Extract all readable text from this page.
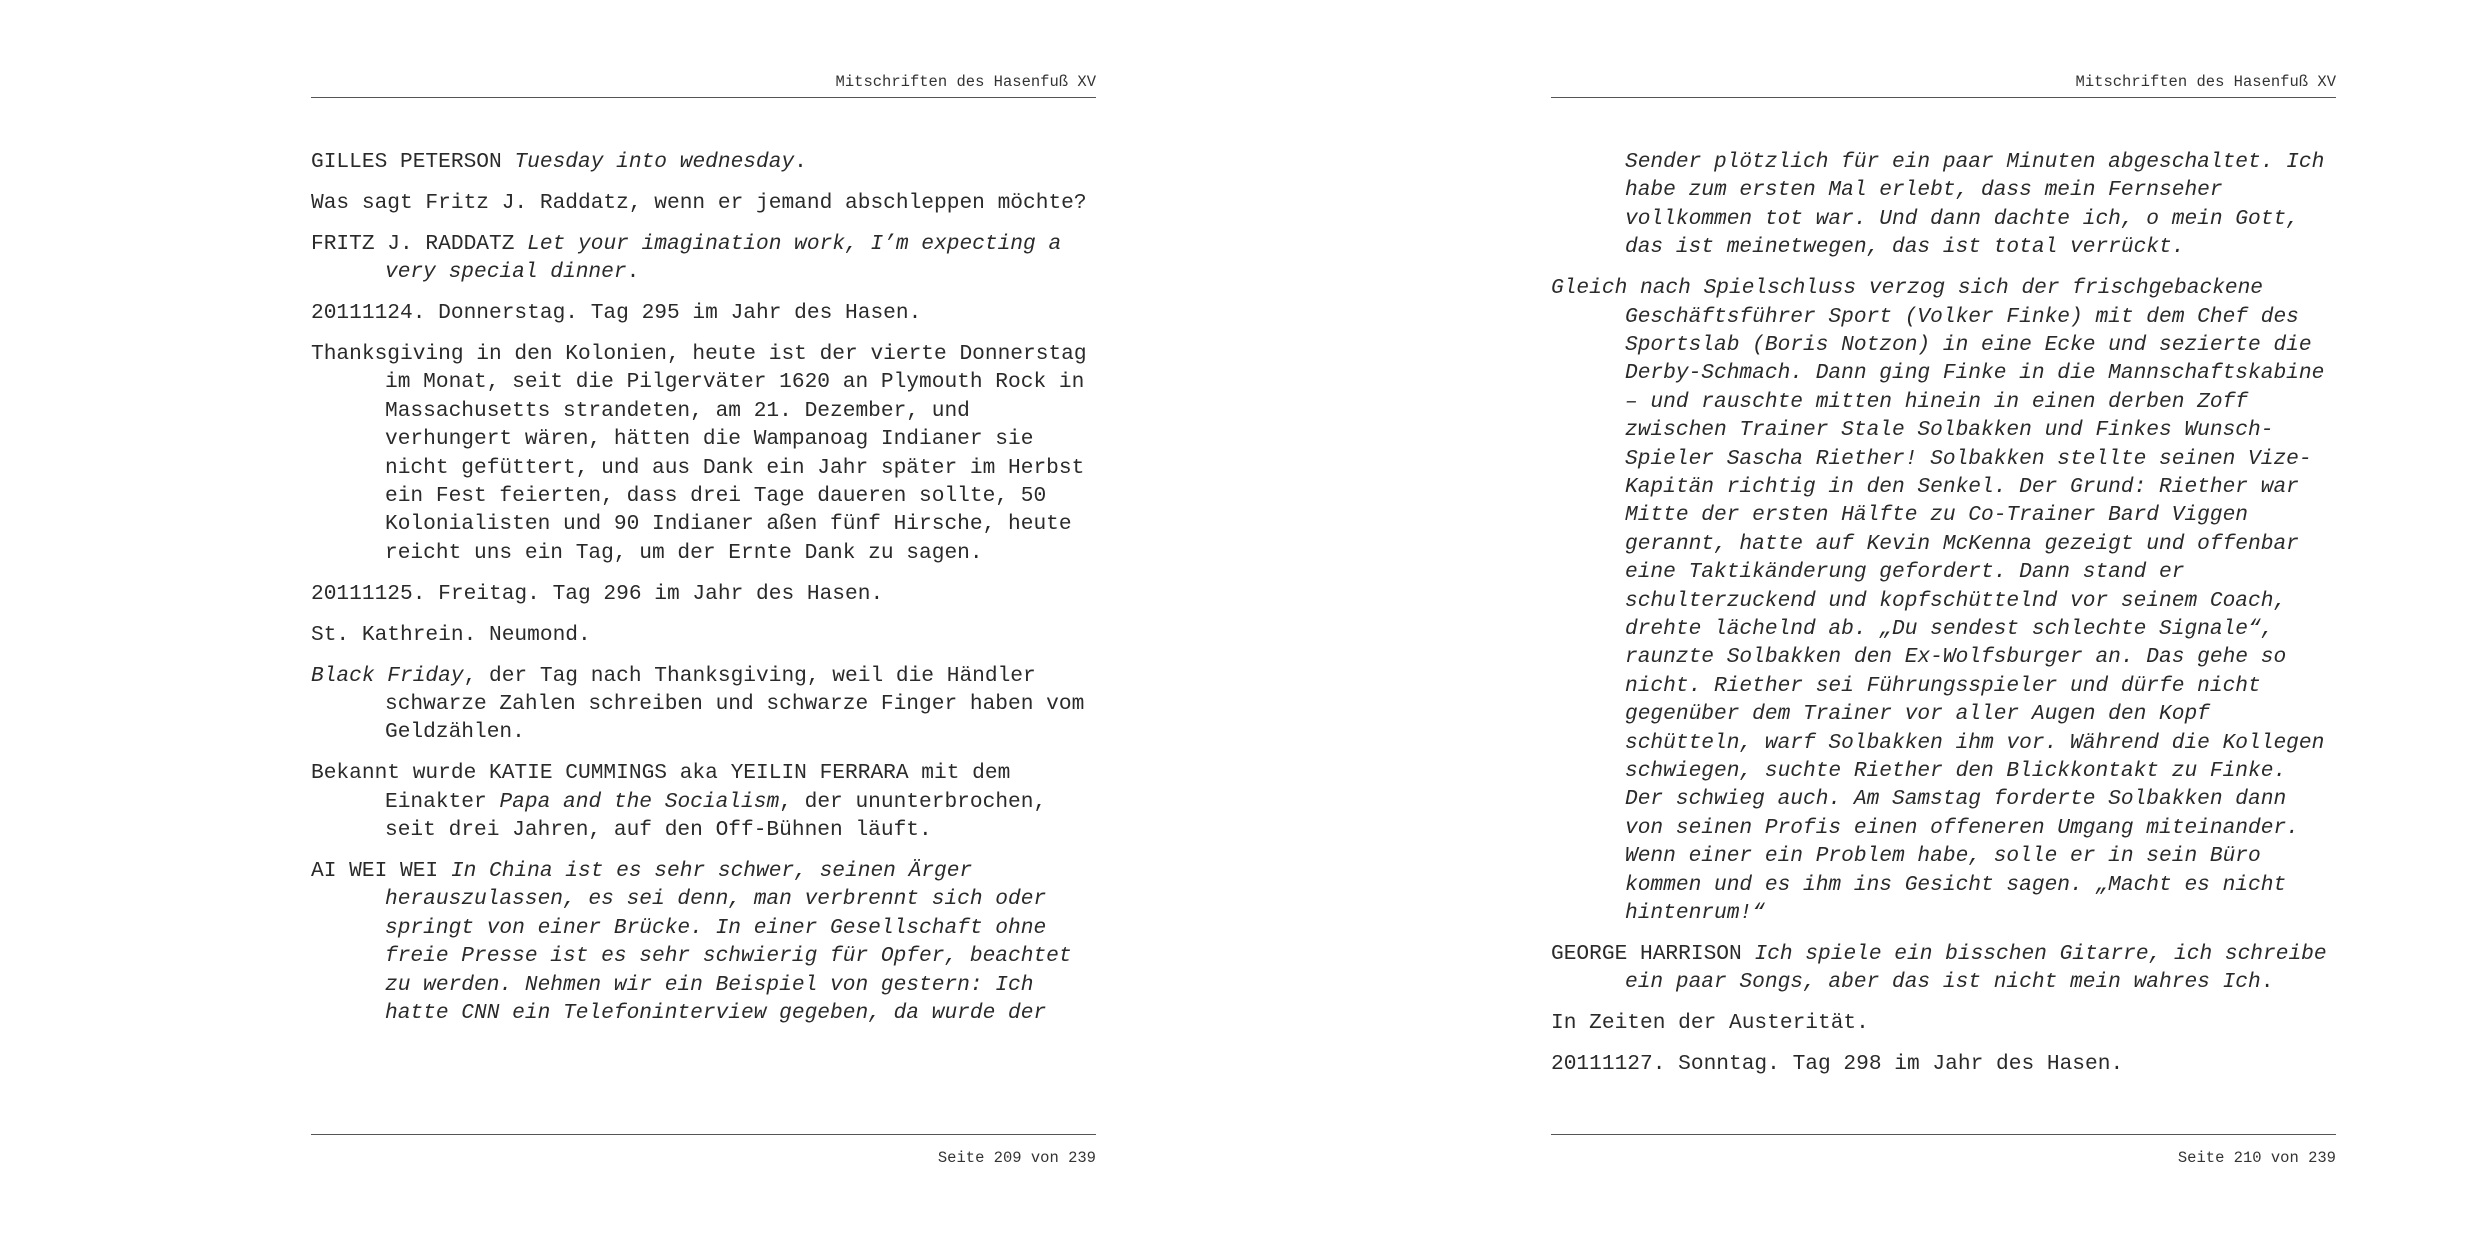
Mitschriften des Hasenfuß XV

GILLES PETERSON Tuesday into wednesday.

Was sagt Fritz J. Raddatz, wenn er jemand abschleppen möchte?

FRITZ J. RADDATZ Let your imagination work, I’m expecting a very special dinner.

20111124. Donnerstag. Tag 295 im Jahr des Hasen.

Thanksgiving in den Kolonien, heute ist der vierte Donnerstag im Monat, seit die Pilgerväter 1620 an Plymouth Rock in Massachusetts strandeten, am 21. Dezember, und verhungert wären, hätten die Wampanoag Indianer sie nicht gefüttert, und aus Dank ein Jahr später im Herbst ein Fest feierten, dass drei Tage daueren sollte, 50 Kolonialisten und 90 Indianer aßen fünf Hirsche, heute reicht uns ein Tag, um der Ernte Dank zu sagen.

20111125. Freitag. Tag 296 im Jahr des Hasen.

St. Kathrein. Neumond.

Black Friday, der Tag nach Thanksgiving, weil die Händler schwarze Zahlen schreiben und schwarze Finger haben vom Geldzählen.

Bekannt wurde KATIE CUMMINGS aka YEILIN FERRARA mit dem Einakter Papa and the Socialism, der ununterbrochen, seit drei Jahren, auf den Off-Bühnen läuft.

AI WEI WEI In China ist es sehr schwer, seinen Ärger herauszulassen, es sei denn, man verbrennt sich oder springt von einer Brücke. In einer Gesellschaft ohne freie Presse ist es sehr schwierig für Opfer, beachtet zu werden. Nehmen wir ein Beispiel von gestern: Ich hatte CNN ein Telefoninterview gegeben, da wurde der

Seite 209 von 239
Mitschriften des Hasenfuß XV

Sender plötzlich für ein paar Minuten abgeschaltet. Ich habe zum ersten Mal erlebt, dass mein Fernseher vollkommen tot war. Und dann dachte ich, o mein Gott, das ist meinetwegen, das ist total verrückt.

Gleich nach Spielschluss verzog sich der frischgebackene Geschäftsführer Sport (Volker Finke) mit dem Chef des Sportslab (Boris Notzon) in eine Ecke und sezierte die Derby-Schmach. Dann ging Finke in die Mannschaftskabine – und rauschte mitten hinein in einen derben Zoff zwischen Trainer Stale Solbakken und Finkes Wunsch-Spieler Sascha Riether! Solbakken stellte seinen Vize-Kapitän richtig in den Senkel. Der Grund: Riether war Mitte der ersten Hälfte zu Co-Trainer Bard Viggen gerannt, hatte auf Kevin McKenna gezeigt und offenbar eine Taktikänderung gefordert. Dann stand er schulterzuckend und kopfschüttelnd vor seinem Coach, drehte lächelnd ab. „Du sendest schlechte Signale“, raunzte Solbakken den Ex-Wolfsburger an. Das gehe so nicht. Riether sei Führungsspieler und dürfe nicht gegenüber dem Trainer vor aller Augen den Kopf schütteln, warf Solbakken ihm vor. Während die Kollegen schwiegen, suchte Riether den Blickkontakt zu Finke. Der schwieg auch. Am Samstag forderte Solbakken dann von seinen Profis einen offeneren Umgang miteinander. Wenn einer ein Problem habe, solle er in sein Büro kommen und es ihm ins Gesicht sagen. „Macht es nicht hintenrum!“

GEORGE HARRISON Ich spiele ein bisschen Gitarre, ich schreibe ein paar Songs, aber das ist nicht mein wahres Ich.

In Zeiten der Austerität.

20111127. Sonntag. Tag 298 im Jahr des Hasen.

Seite 210 von 239
